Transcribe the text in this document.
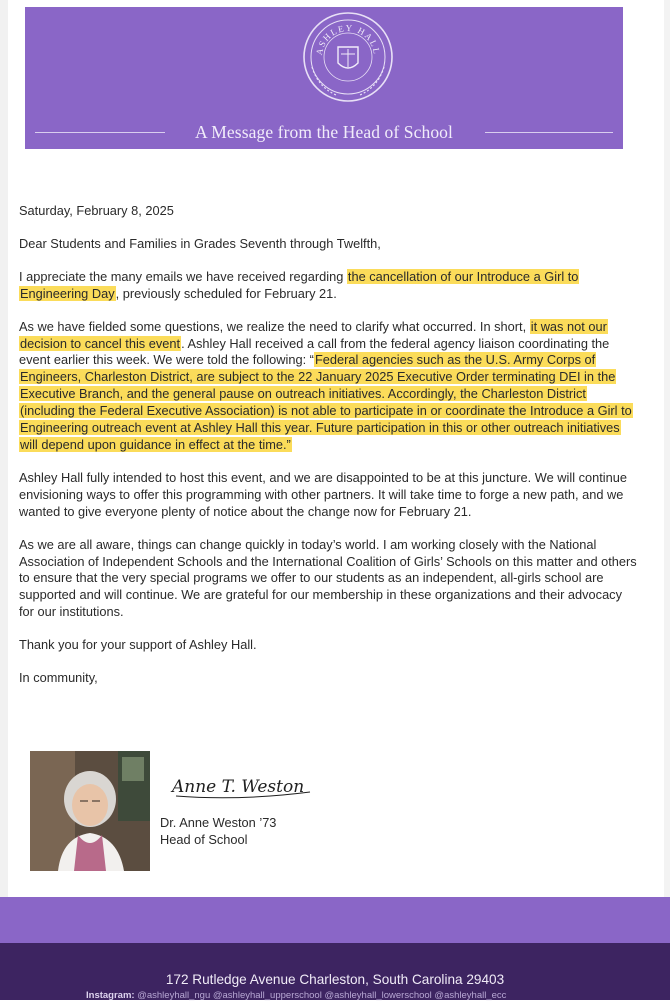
ASHLEY HALL
A Message from the Head of School

Saturday, February 8, 2025

Dear Students and Families in Grades Seventh through Twelfth,

I appreciate the many emails we have received regarding the cancellation of our Introduce a Girl to Engineering Day, previously scheduled for February 21.

As we have fielded some questions, we realize the need to clarify what occurred. In short, it was not our decision to cancel this event. Ashley Hall received a call from the federal agency liaison coordinating the event earlier this week. We were told the following: “Federal agencies such as the U.S. Army Corps of Engineers, Charleston District, are subject to the 22 January 2025 Executive Order terminating DEI in the Executive Branch, and the general pause on outreach initiatives. Accordingly, the Charleston District (including the Federal Executive Association) is not able to participate in or coordinate the Introduce a Girl to Engineering outreach event at Ashley Hall this year. Future participation in this or other outreach initiatives will depend upon guidance in effect at the time.”

Ashley Hall fully intended to host this event, and we are disappointed to be at this juncture. We will continue envisioning ways to offer this programming with other partners. It will take time to forge a new path, and we wanted to give everyone plenty of notice about the change now for February 21.

As we are all aware, things can change quickly in today’s world. I am working closely with the National Association of Independent Schools and the International Coalition of Girls’ Schools on this matter and others to ensure that the very special programs we offer to our students as an independent, all-girls school are supported and will continue. We are grateful for our membership in these organizations and their advocacy for our institutions.

Thank you for your support of Ashley Hall.

In community,

Anne T. Weston
Dr. Anne Weston ’73
Head of School
172 Rutledge Avenue Charleston, South Carolina 29403
Instagram: @ashleyhall_ngu @ashleyhall_upperschool @ashleyhall_lowerschool @ashleyhall_ecc
